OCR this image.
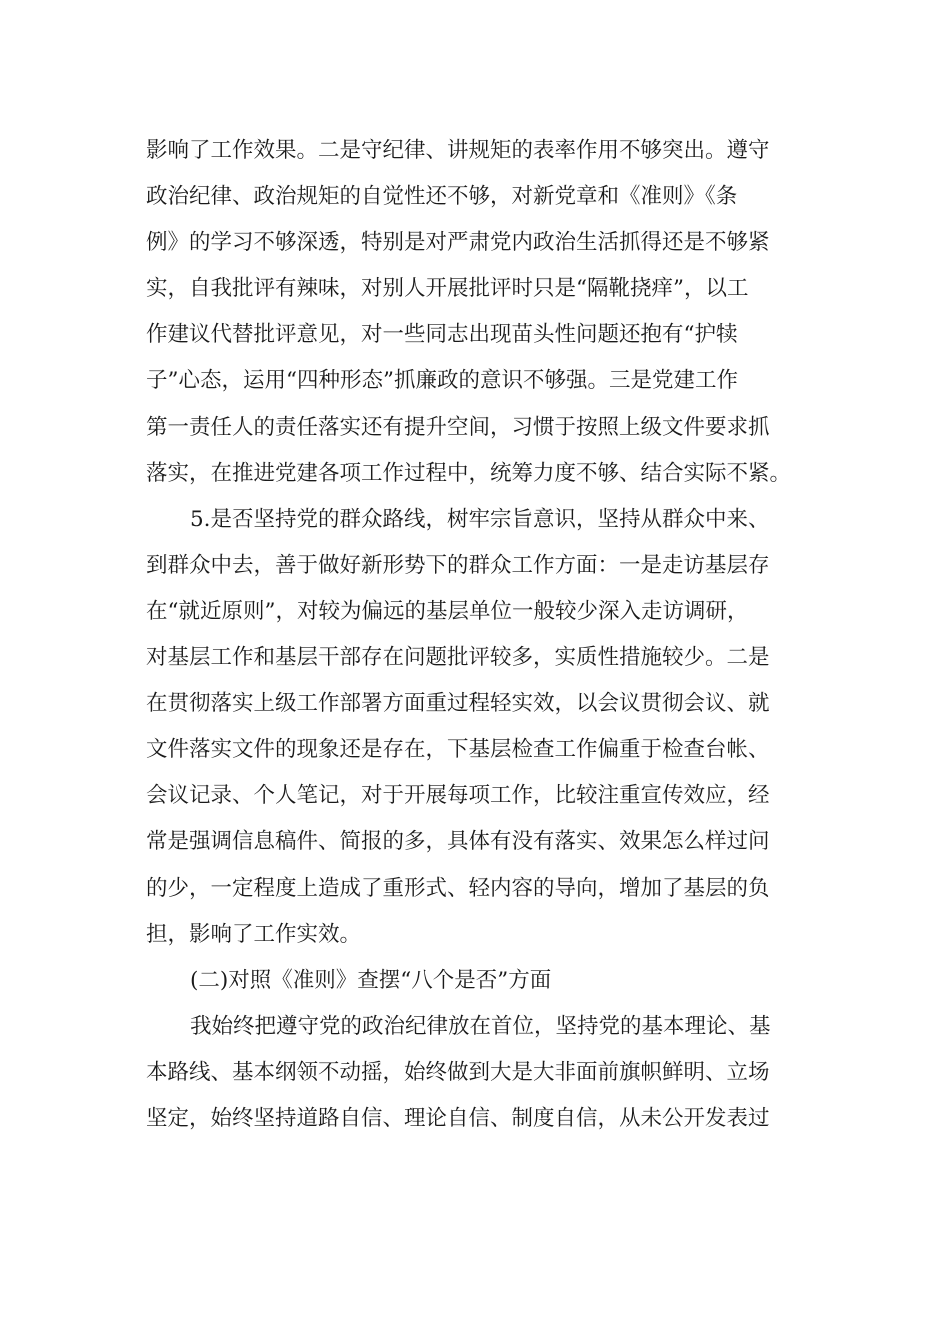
影响了工作效果。二是守纪律、讲规矩的表率作用不够突出。遵守
政治纪律、政治规矩的自觉性还不够，对新党章和《准则》《条
例》的学习不够深透，特别是对严肃党内政治生活抓得还是不够紧
实，自我批评有辣味，对别人开展批评时只是“隔靴挠痒”，以工
作建议代替批评意见，对一些同志出现苗头性问题还抱有“护犊
子”心态，运用“四种形态”抓廉政的意识不够强。三是党建工作
第一责任人的责任落实还有提升空间，习惯于按照上级文件要求抓
落实，在推进党建各项工作过程中，统筹力度不够、结合实际不紧。
5.是否坚持党的群众路线，树牢宗旨意识，坚持从群众中来、
到群众中去，善于做好新形势下的群众工作方面：一是走访基层存
在“就近原则”，对较为偏远的基层单位一般较少深入走访调研，
对基层工作和基层干部存在问题批评较多，实质性措施较少。二是
在贯彻落实上级工作部署方面重过程轻实效，以会议贯彻会议、就
文件落实文件的现象还是存在，下基层检查工作偏重于检查台帐、
会议记录、个人笔记，对于开展每项工作，比较注重宣传效应，经
常是强调信息稿件、简报的多，具体有没有落实、效果怎么样过问
的少，一定程度上造成了重形式、轻内容的导向，增加了基层的负
担，影响了工作实效。
(二)对照《准则》查摆“八个是否”方面
我始终把遵守党的政治纪律放在首位，坚持党的基本理论、基
本路线、基本纲领不动摇，始终做到大是大非面前旗帜鲜明、立场
坚定，始终坚持道路自信、理论自信、制度自信，从未公开发表过
